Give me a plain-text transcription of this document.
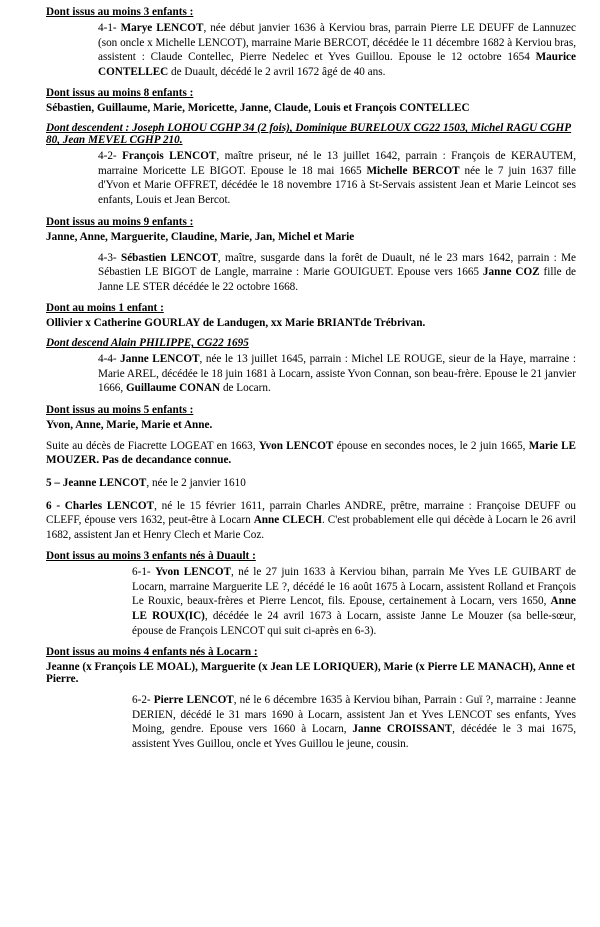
Dont issus au moins 3 enfants :

4-1- Marye LENCOT, née début janvier 1636 à Kerviou bras, parrain Pierre LE DEUFF de Lannuzec (son oncle x Michelle LENCOT), marraine Marie BERCOT, décédée le 11 décembre 1682 à Kerviou bras, assistent : Claude Contellec, Pierre Nedelec et Yves Guillou. Epouse le 12 octobre 1654 Maurice CONTELLEC de Duault, décédé le 2 avril 1672 âgé de 40 ans.

Dont issus au moins 8 enfants :
Sébastien, Guillaume, Marie, Moricette, Janne, Claude, Louis et François CONTELLEC
Dont descendent : Joseph LOHOU CGHP 34 (2 fois), Dominique BURELOUX CG22 1503, Michel RAGU CGHP 80, Jean MEVEL CGHP 210.

4-2- François LENCOT, maître priseur, né le 13 juillet 1642, parrain : François de KERAUTEM, marraine Moricette LE BIGOT. Epouse le 18 mai 1665 Michelle BERCOT née le 7 juin 1637 fille d'Yvon et Marie OFFRET, décédée le 18 novembre 1716 à St-Servais assistent Jean et Marie Leincot ses enfants, Louis et Jean Bercot.

Dont issus au moins 9 enfants :
Janne, Anne, Marguerite, Claudine, Marie, Jan, Michel et Marie

4-3- Sébastien LENCOT, maître, susgarde dans la forêt de Duault, né le 23 mars 1642, parrain : Me Sébastien LE BIGOT de Langle, marraine : Marie GOUIGUET. Epouse vers 1665 Janne COZ fille de Janne LE STER décédée le 22 octobre 1668.

Dont au moins 1 enfant :
Ollivier x Catherine GOURLAY de Landugen, xx Marie BRIANTde Trébrivan.
Dont descend Alain PHILIPPE, CG22 1695

4-4- Janne LENCOT, née le 13 juillet 1645, parrain : Michel LE ROUGE, sieur de la Haye, marraine : Marie AREL, décédée le 18 juin 1681 à Locarn, assiste Yvon Connan, son beau-frère. Epouse le 21 janvier 1666, Guillaume CONAN de Locarn.

Dont issus au moins 5 enfants :
Yvon, Anne, Marie, Marie et Anne.

Suite au décès de Fiacrette LOGEAT en 1663, Yvon LENCOT épouse en secondes noces, le 2 juin 1665, Marie LE MOUZER. Pas de decandance connue.

5 – Jeanne LENCOT, née le 2 janvier 1610

6 - Charles LENCOT, né le 15 février 1611, parrain Charles ANDRE, prêtre, marraine : Françoise DEUFF ou CLEFF, épouse vers 1632, peut-être à Locarn Anne CLECH. C'est probablement elle qui décède à Locarn le 26 avril 1682, assistent Jan et Henry Clech et Marie Coz.

Dont issus au moins 3 enfants nés à Duault :

6-1- Yvon LENCOT, né le 27 juin 1633 à Kerviou bihan, parrain Me Yves LE GUIBART de Locarn, marraine Marguerite LE ?, décédé le 16 août 1675 à Locarn, assistent Rolland et François Le Rouxic, beaux-frères et Pierre Lencot, fils. Epouse, certainement à Locarn, vers 1650, Anne LE ROUX(IC), décédée le 24 avril 1673 à Locarn, assiste Janne Le Mouzer (sa belle-sœur, épouse de François LENCOT qui suit ci-après en 6-3).

Dont issus au moins 4 enfants nés à Locarn :
Jeanne (x François LE MOAL), Marguerite (x Jean LE LORIQUER), Marie (x Pierre LE MANACH), Anne et Pierre.

6-2- Pierre LENCOT, né le 6 décembre 1635 à Kerviou bihan, Parrain : Guï ?, marraine : Jeanne DERIEN, décédé le 31 mars 1690 à Locarn, assistent Jan et Yves LENCOT ses enfants, Yves Moing, gendre. Epouse vers 1660 à Locarn, Janne CROISSANT, décédée le 3 mai 1675, assistent Yves Guillou, oncle et Yves Guillou le jeune, cousin.
